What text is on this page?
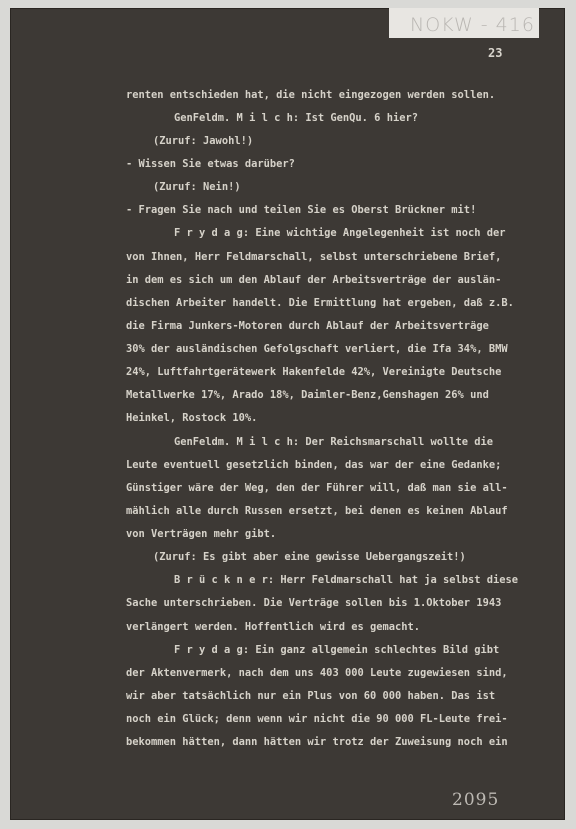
NOKW - 416
23
renten entschieden hat, die nicht eingezogen werden sollen.
GenFeldm. M i l c h: Ist GenQu. 6 hier?
(Zuruf: Jawohl!)
- Wissen Sie etwas darüber?
(Zuruf: Nein!)
- Fragen Sie nach und teilen Sie es Oberst Brückner mit!
F r y d a g: Eine wichtige Angelegenheit ist noch der
von Ihnen, Herr Feldmarschall, selbst unterschriebene Brief,
in dem es sich um den Ablauf der Arbeitsverträge der auslän-
dischen Arbeiter handelt. Die Ermittlung hat ergeben, daß z.B.
die Firma Junkers-Motoren durch Ablauf der Arbeitsverträge
30% der ausländischen Gefolgschaft verliert, die Ifa 34%, BMW
24%, Luftfahrtgerätewerk Hakenfelde 42%, Vereinigte Deutsche
Metallwerke 17%, Arado 18%, Daimler-Benz,Genshagen 26% und
Heinkel, Rostock 10%.
GenFeldm. M i l c h: Der Reichsmarschall wollte die
Leute eventuell gesetzlich binden, das war der eine Gedanke;
Günstiger wäre der Weg, den der Führer will, daß man sie all-
mählich alle durch Russen ersetzt, bei denen es keinen Ablauf
von Verträgen mehr gibt.
(Zuruf: Es gibt aber eine gewisse Uebergangszeit!)
B r ü c k n e r: Herr Feldmarschall hat ja selbst diese
Sache unterschrieben. Die Verträge sollen bis 1.Oktober 1943
verlängert werden. Hoffentlich wird es gemacht.
F r y d a g: Ein ganz allgemein schlechtes Bild gibt
der Aktenvermerk, nach dem uns 403 000 Leute zugewiesen sind,
wir aber tatsächlich nur ein Plus von 60 000 haben. Das ist
noch ein Glück; denn wenn wir nicht die 90 000 FL-Leute frei-
bekommen hätten, dann hätten wir trotz der Zuweisung noch ein
2095
